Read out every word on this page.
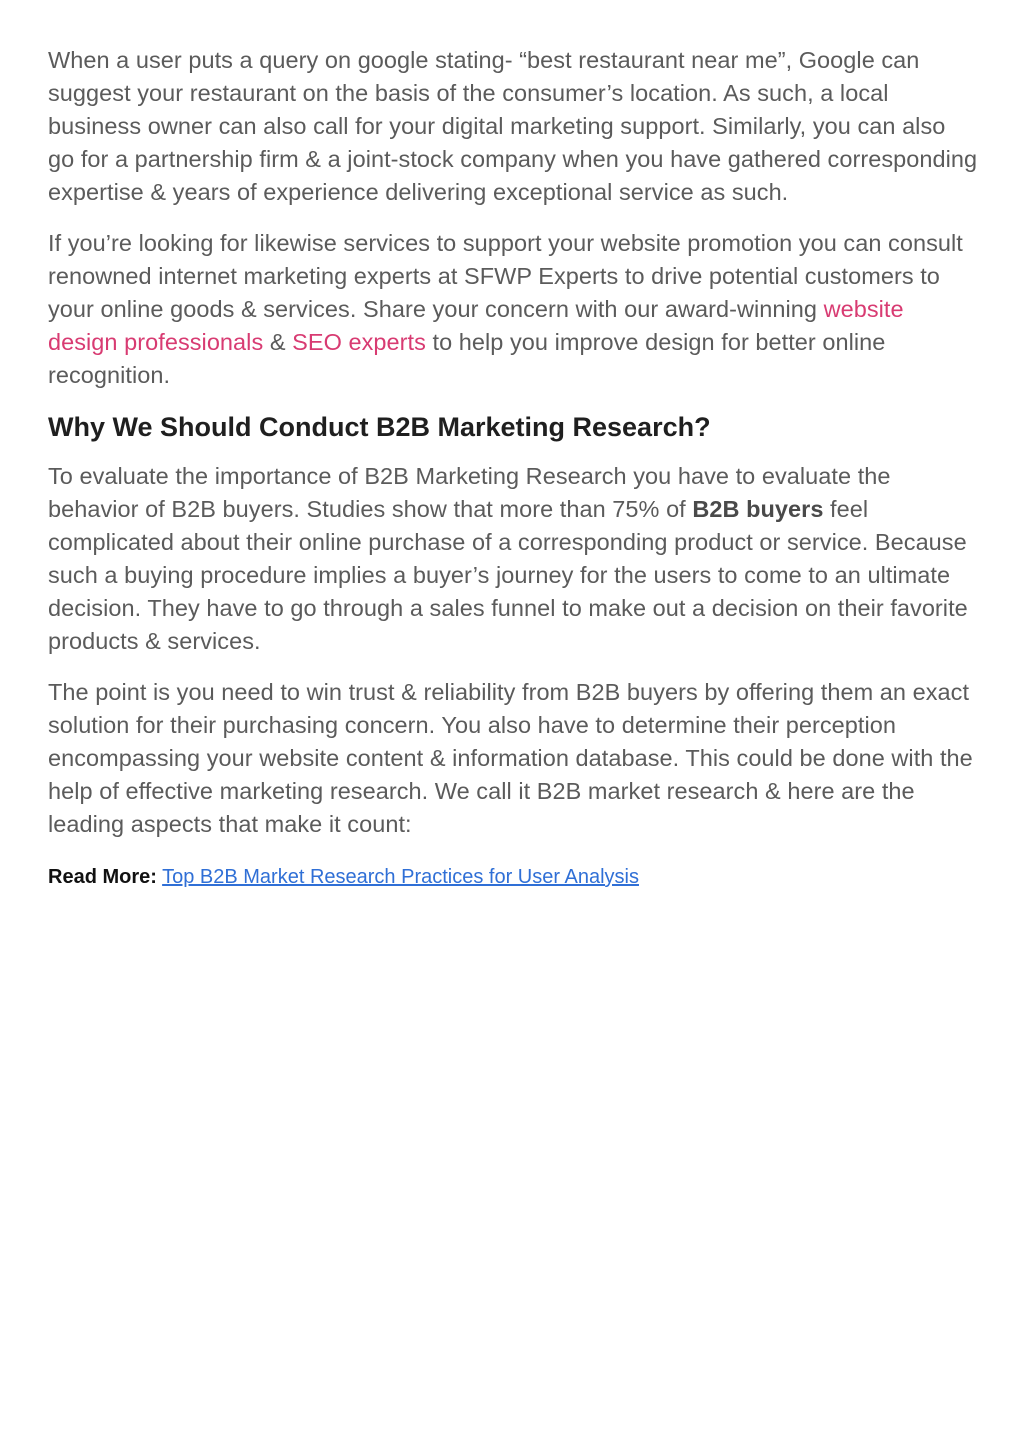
When a user puts a query on google stating- “best restaurant near me”, Google can suggest your restaurant on the basis of the consumer’s location. As such, a local business owner can also call for your digital marketing support. Similarly, you can also go for a partnership firm & a joint-stock company when you have gathered corresponding expertise & years of experience delivering exceptional service as such.

If you’re looking for likewise services to support your website promotion you can consult renowned internet marketing experts at SFWP Experts to drive potential customers to your online goods & services. Share your concern with our award-winning website design professionals & SEO experts to help you improve design for better online recognition.

Why We Should Conduct B2B Marketing Research?

To evaluate the importance of B2B Marketing Research you have to evaluate the behavior of B2B buyers. Studies show that more than 75% of B2B buyers feel complicated about their online purchase of a corresponding product or service. Because such a buying procedure implies a buyer’s journey for the users to come to an ultimate decision. They have to go through a sales funnel to make out a decision on their favorite products & services.

The point is you need to win trust & reliability from B2B buyers by offering them an exact solution for their purchasing concern. You also have to determine their perception encompassing your website content & information database. This could be done with the help of effective marketing research. We call it B2B market research & here are the leading aspects that make it count:

Read More: Top B2B Market Research Practices for User Analysis
